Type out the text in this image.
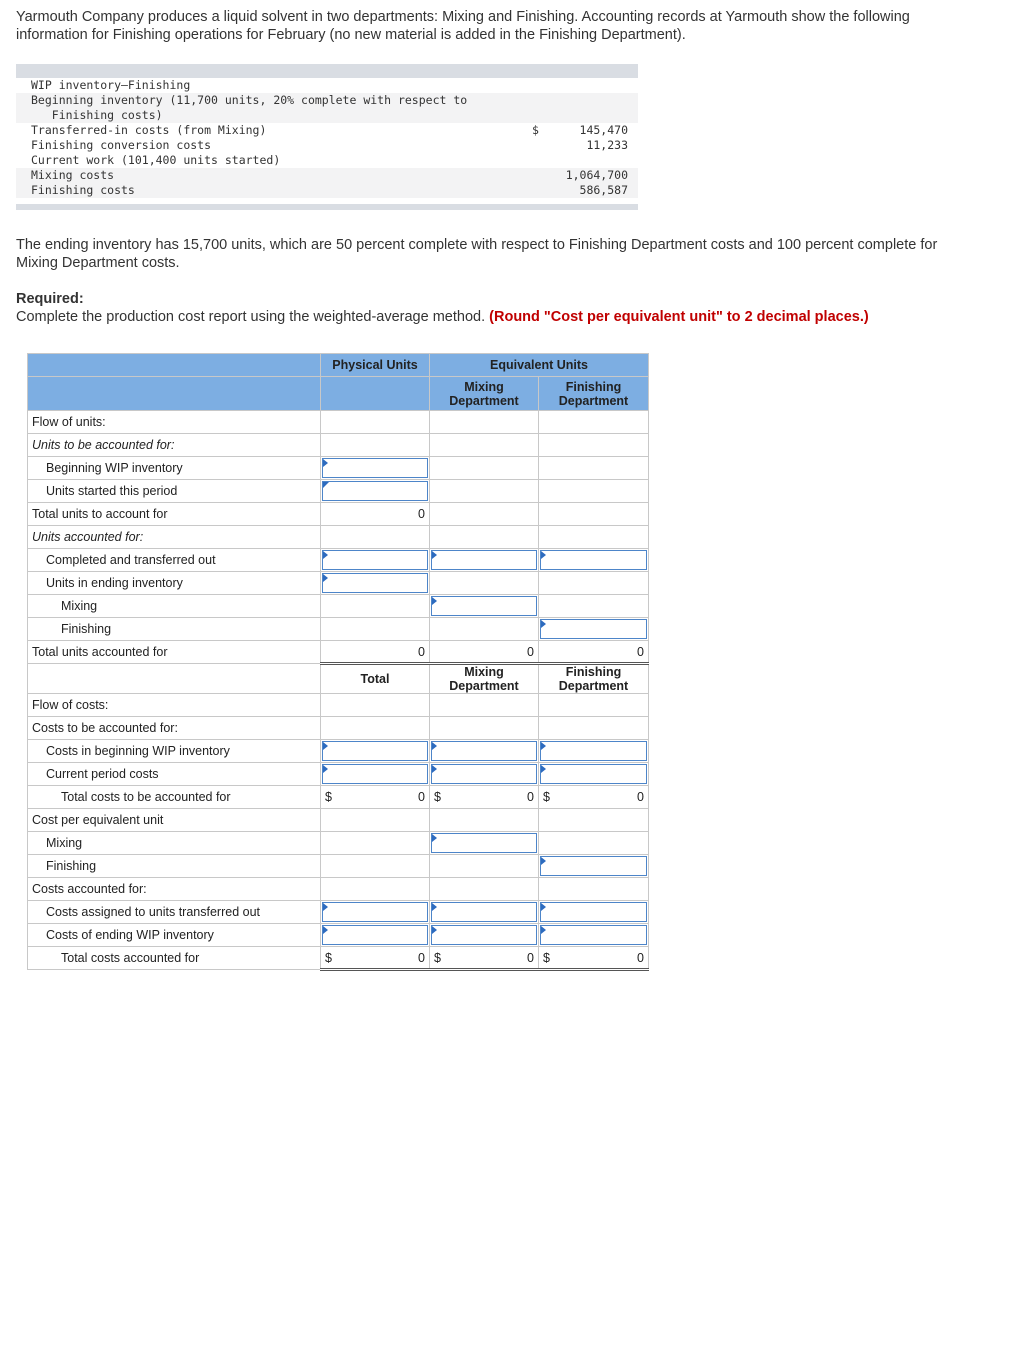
Yarmouth Company produces a liquid solvent in two departments: Mixing and Finishing. Accounting records at Yarmouth show the following information for Finishing operations for February (no new material is added in the Finishing Department).
WIP inventory—Finishing
Beginning inventory (11,700 units, 20% complete with respect to
Finishing costs)
Transferred-in costs (from Mixing)	$	145,470
Finishing conversion costs	11,233
Current work (101,400 units started)
Mixing costs	1,064,700
Finishing costs	586,587
The ending inventory has 15,700 units, which are 50 percent complete with respect to Finishing Department costs and 100 percent complete for Mixing Department costs.
Required:
Complete the production cost report using the weighted-average method. (Round "Cost per equivalent unit" to 2 decimal places.)
	Physical Units	Equivalent Units	
		Mixing Department	Finishing Department
Flow of units:			
Units to be accounted for:			
Beginning WIP inventory	

Units started this period	

Total units to account for	0		
Units accounted for:			
Completed and transferred out	

Units in ending inventory	

Mixing		

Finishing			

Total units accounted for	0	0	0
	Total	Mixing Department	Finishing Department
Flow of costs:			
Costs to be accounted for:			
Costs in beginning WIP inventory	

Current period costs	

Total costs to be accounted for	$ 0	$ 0	$ 0
Cost per equivalent unit			
Mixing		

Finishing			

Costs accounted for:			
Costs assigned to units transferred out	

Costs of ending WIP inventory	

Total costs accounted for	$ 0	$ 0	$ 0
